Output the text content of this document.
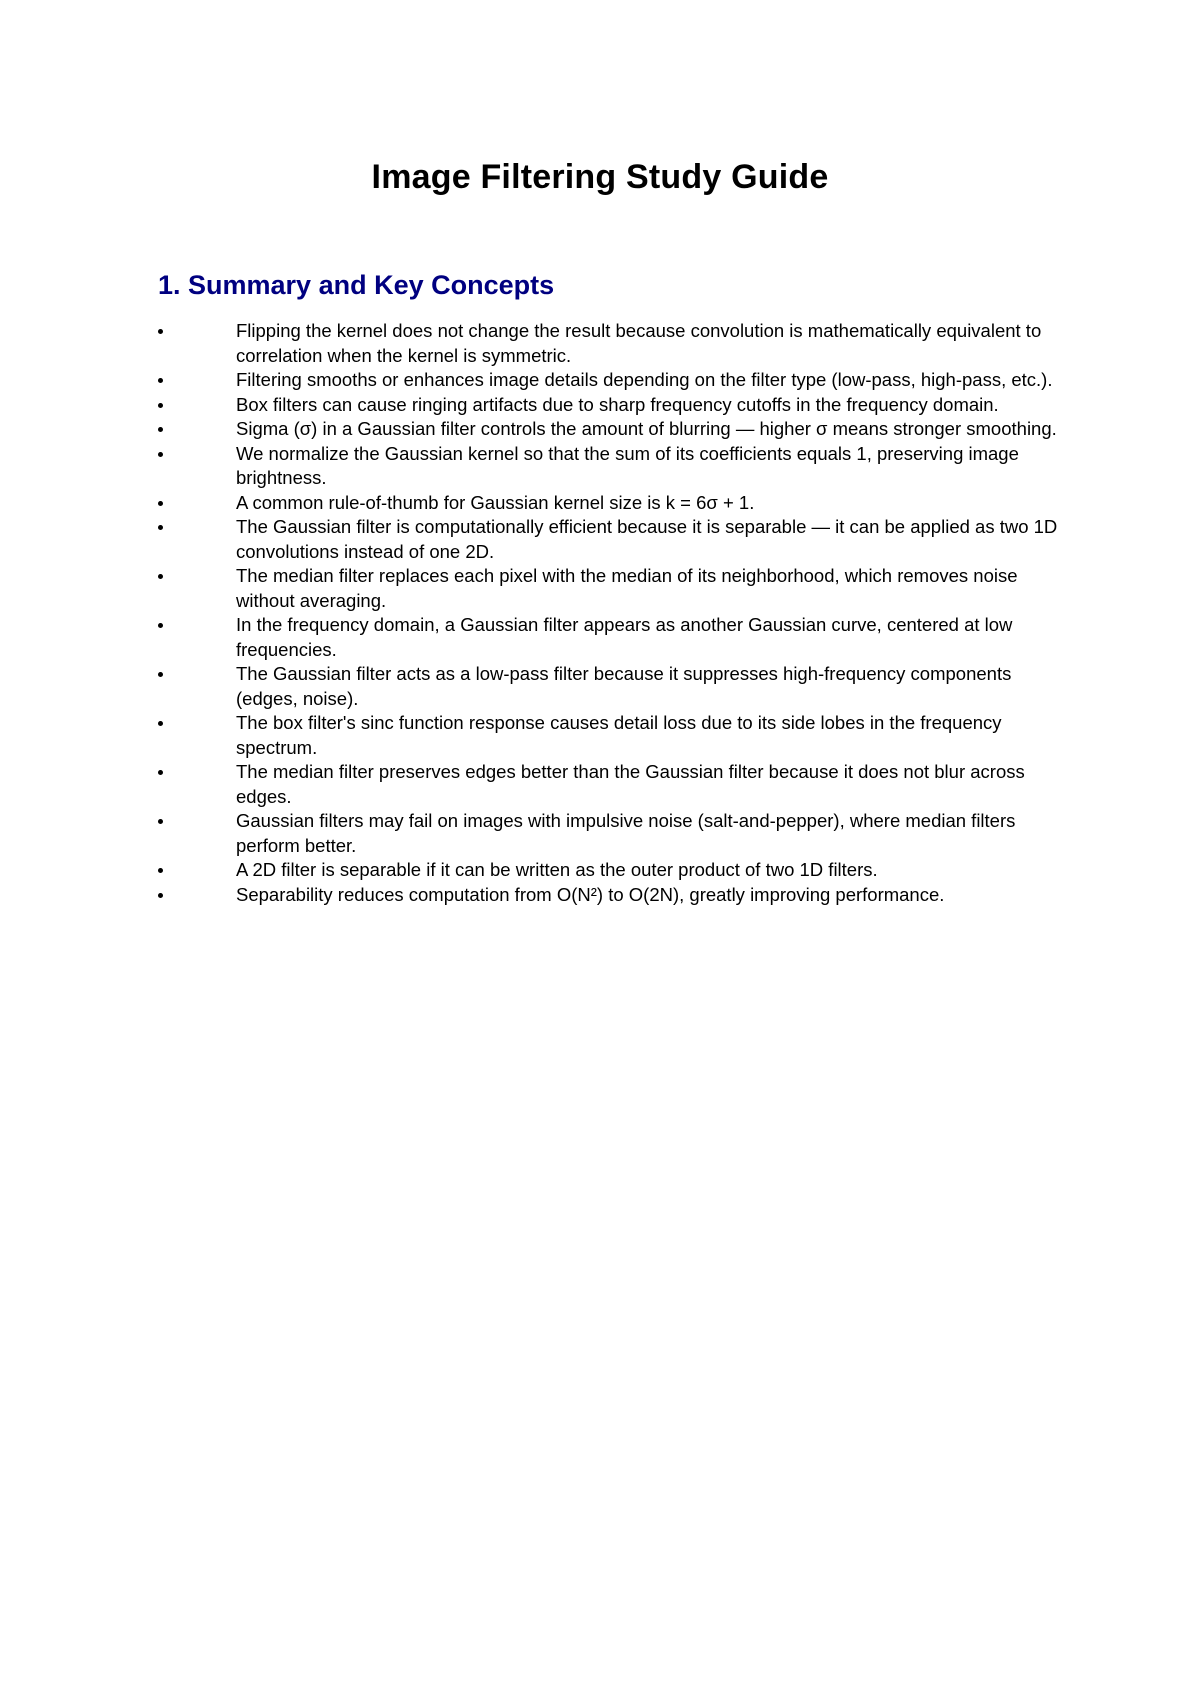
Image Filtering Study Guide
1. Summary and Key Concepts
Flipping the kernel does not change the result because convolution is mathematically equivalent to correlation when the kernel is symmetric.
Filtering smooths or enhances image details depending on the filter type (low-pass, high-pass, etc.).
Box filters can cause ringing artifacts due to sharp frequency cutoffs in the frequency domain.
Sigma (σ) in a Gaussian filter controls the amount of blurring — higher σ means stronger smoothing.
We normalize the Gaussian kernel so that the sum of its coefficients equals 1, preserving image brightness.
A common rule-of-thumb for Gaussian kernel size is k = 6σ + 1.
The Gaussian filter is computationally efficient because it is separable — it can be applied as two 1D convolutions instead of one 2D.
The median filter replaces each pixel with the median of its neighborhood, which removes noise without averaging.
In the frequency domain, a Gaussian filter appears as another Gaussian curve, centered at low frequencies.
The Gaussian filter acts as a low-pass filter because it suppresses high-frequency components (edges, noise).
The box filter's sinc function response causes detail loss due to its side lobes in the frequency spectrum.
The median filter preserves edges better than the Gaussian filter because it does not blur across edges.
Gaussian filters may fail on images with impulsive noise (salt-and-pepper), where median filters perform better.
A 2D filter is separable if it can be written as the outer product of two 1D filters.
Separability reduces computation from O(N²) to O(2N), greatly improving performance.
